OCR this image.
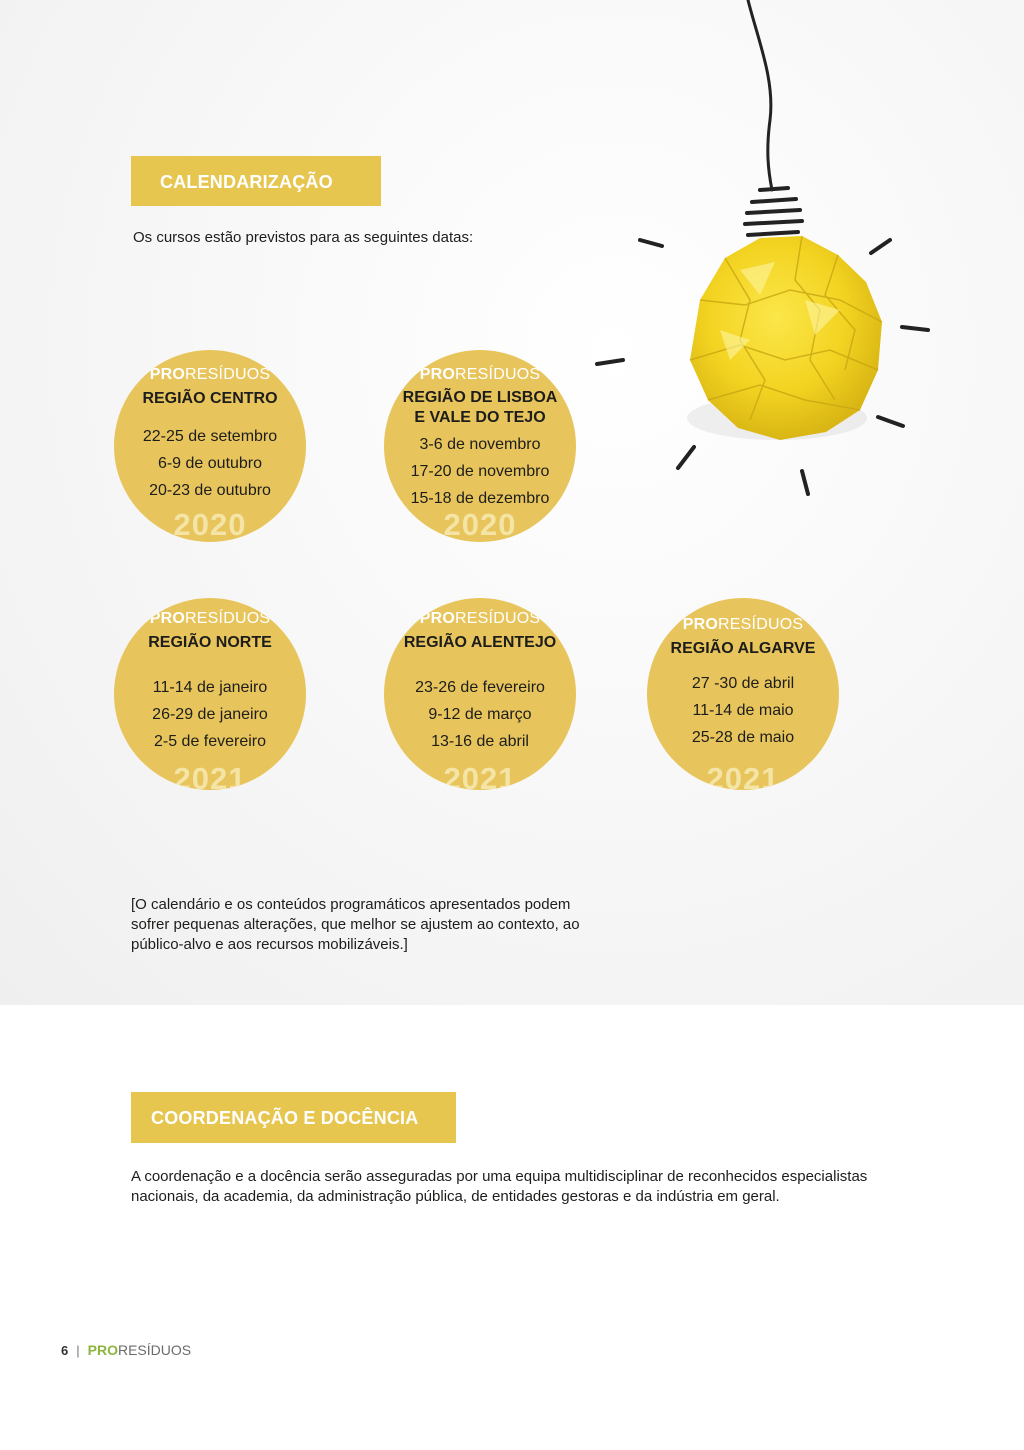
CALENDARIZAÇÃO
Os cursos estão previstos para as seguintes datas:
PRORESÍDUOS
REGIÃO CENTRO
22-25 de setembro
6-9 de outubro
20-23 de outubro
2020
PRORESÍDUOS
REGIÃO DE LISBOA
E VALE DO TEJO
3-6 de novembro
17-20 de novembro
15-18 de dezembro
2020
PRORESÍDUOS
REGIÃO NORTE
11-14 de janeiro
26-29 de janeiro
2-5 de fevereiro
2021
PRORESÍDUOS
REGIÃO ALENTEJO
23-26 de fevereiro
9-12 de março
13-16 de abril
2021
PRORESÍDUOS
REGIÃO ALGARVE
27 -30 de abril
11-14 de maio
25-28 de maio
2021
[O calendário e os conteúdos programáticos apresentados podem sofrer pequenas alterações, que melhor se ajustem ao contexto, ao público-alvo e aos recursos mobilizáveis.]
COORDENAÇÃO E DOCÊNCIA
A coordenação e a docência serão asseguradas por uma equipa multidisciplinar de reconhecidos especialistas nacionais, da academia, da administração pública, de entidades gestoras e da indústria em geral.
6 | PRO RESÍDUOS
